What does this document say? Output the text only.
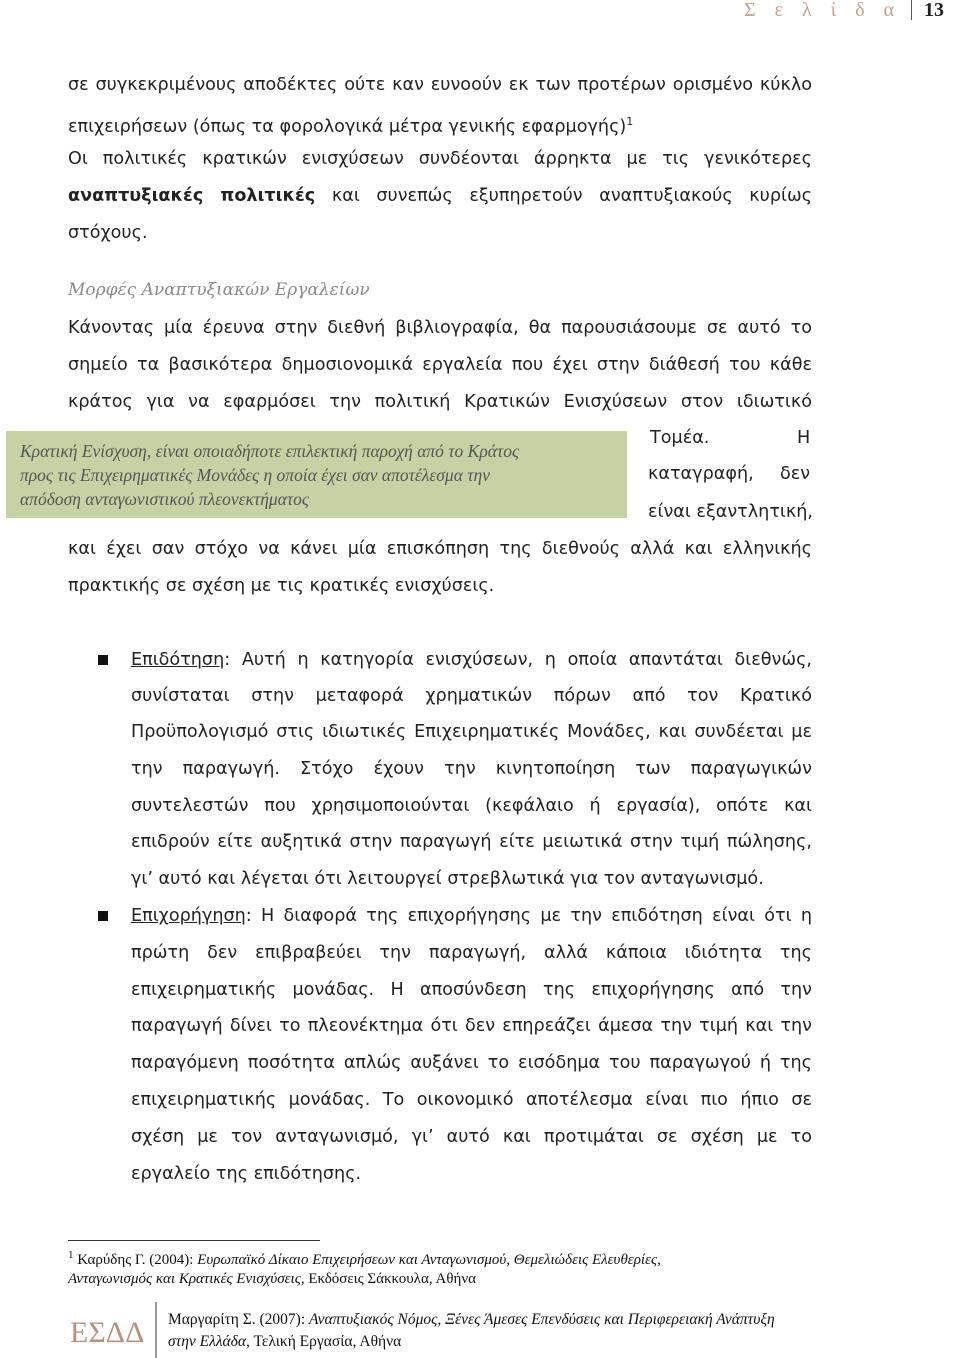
Σ ε λ ί δ α	13
σε συγκεκριμένους αποδέκτες ούτε καν ευνοούν εκ των προτέρων ορισμένο κύκλο
επιχειρήσεων (όπως τα φορολογικά μέτρα γενικής εφαρμογής)$^1$
Οι πολιτικές κρατικών ενισχύσεων συνδέονται άρρηκτα με τις γενικότερες
αναπτυξιακές πολιτικές και συνεπώς εξυπηρετούν αναπτυξιακούς κυρίως
στόχους.
Μορφές Αναπτυξιακών Εργαλείων
Κάνοντας μία έρευνα στην διεθνή βιβλιογραφία, θα παρουσιάσουμε σε αυτό το
σημείο τα βασικότερα δημοσιονομικά εργαλεία που έχει στην διάθεσή του κάθε
κράτος για να εφαρμόσει την πολιτική Κρατικών Ενισχύσεων στον ιδιωτικό
Τομέα.	Η
καταγραφή, δεν
είναι εξαντλητική,
Κρατική Ενίσχυση, είναι οποιαδήποτε επιλεκτική παροχή από το Κράτος
προς τις Επιχειρηματικές Μονάδες η οποία έχει σαν αποτέλεσμα την
απόδοση ανταγωνιστικού πλεονεκτήματος
και έχει σαν στόχο να κάνει μία επισκόπηση της διεθνούς αλλά και ελληνικής
πρακτικής σε σχέση με τις κρατικές ενισχύσεις.
Επιδότηση: Αυτή η κατηγορία ενισχύσεων, η οποία απαντάται διεθνώς,
συνίσταται στην μεταφορά χρηματικών πόρων από τον Κρατικό
Προϋπολογισμό στις ιδιωτικές Επιχειρηματικές Μονάδες, και συνδέεται με
την παραγωγή. Στόχο έχουν την κινητοποίηση των παραγωγικών
συντελεστών που χρησιμοποιούνται (κεφάλαιο ή εργασία), οπότε και
επιδρούν είτε αυξητικά στην παραγωγή είτε μειωτικά στην τιμή πώλησης,
γι’ αυτό και λέγεται ότι λειτουργεί στρεβλωτικά για τον ανταγωνισμό.
Επιχορήγηση: Η διαφορά της επιχορήγησης με την επιδότηση είναι ότι η
πρώτη δεν επιβραβεύει την παραγωγή, αλλά κάποια ιδιότητα της
επιχειρηματικής μονάδας. Η αποσύνδεση της επιχορήγησης από την
παραγωγή δίνει το πλεονέκτημα ότι δεν επηρεάζει άμεσα την τιμή και την
παραγόμενη ποσότητα απλώς αυξάνει το εισόδημα του παραγωγού ή της
επιχειρηματικής μονάδας. Το οικονομικό αποτέλεσμα είναι πιο ήπιο σε
σχέση με τον ανταγωνισμό, γι’ αυτό και προτιμάται σε σχέση με το
εργαλείο της επιδότησης.
$^1$ Καρύδης Γ. (2004): Ευρωπαϊκό Δίκαιο Επιχειρήσεων και Ανταγωνισμού, Θεμελιώδεις Ελευθερίες,
Ανταγωνισμός και Κρατικές Ενισχύσεις, Εκδόσεις Σάκκουλα, Αθήνα
ΕΣΔΔ Μαργαρίτη Σ. (2007): Αναπτυξιακός Νόμος, Ξένες Άμεσες Επενδύσεις και Περιφερειακή Ανάπτυξη
στην Ελλάδα, Τελική Εργασία, Αθήνα
